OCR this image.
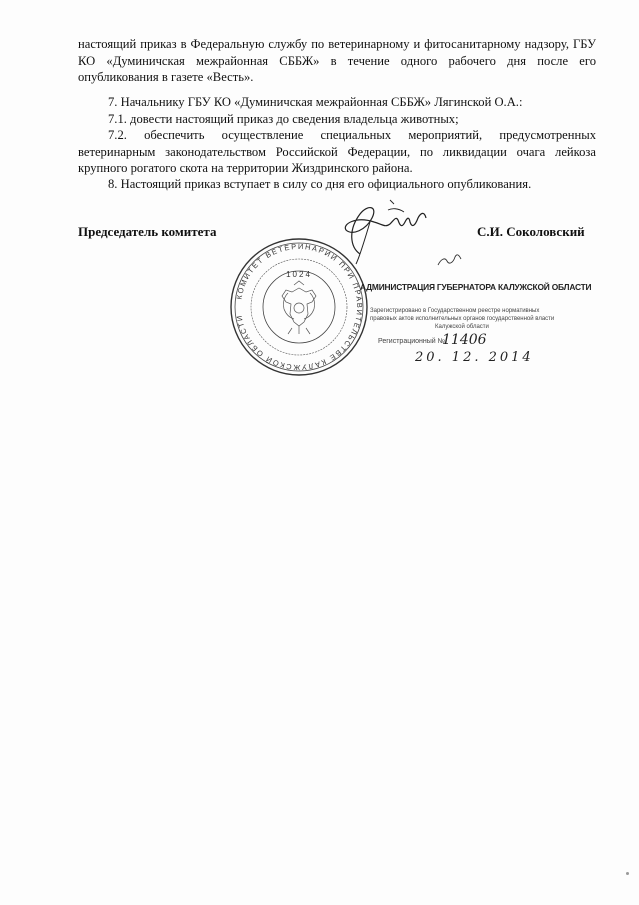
настоящий приказ в Федеральную службу по ветеринарному и фитосанитарному надзору, ГБУ КО «Думиничская межрайонная СББЖ» в течение одного рабочего дня после его опубликования в газете «Весть».

7. Начальнику ГБУ КО «Думиничская межрайонная СББЖ» Лягинской О.А.:

7.1. довести настоящий приказ до сведения владельца животных;

7.2. обеспечить осуществление специальных мероприятий, предусмотренных ветеринарным законодательством Российской Федерации, по ликвидации очага лейкоза крупного рогатого скота на территории Жиздринского района.

8. Настоящий приказ вступает в силу со дня его официального опубликования.

Председатель комитета	С.И. Соколовский
КОМИТЕТ ВЕТЕРИНАРИИ ПРИ ПРАВИТЕЛЬСТВЕ КАЛУЖСКОЙ ОБЛАСТИ
1024
АДМИНИСТРАЦИЯ ГУБЕРНАТОРА КАЛУЖСКОЙ ОБЛАСТИ
Зарегистрировано в Государственном реестре нормативных
правовых актов исполнительных органов государственной власти
Калужской области
Регистрационный №
11406
20. 12. 2014
